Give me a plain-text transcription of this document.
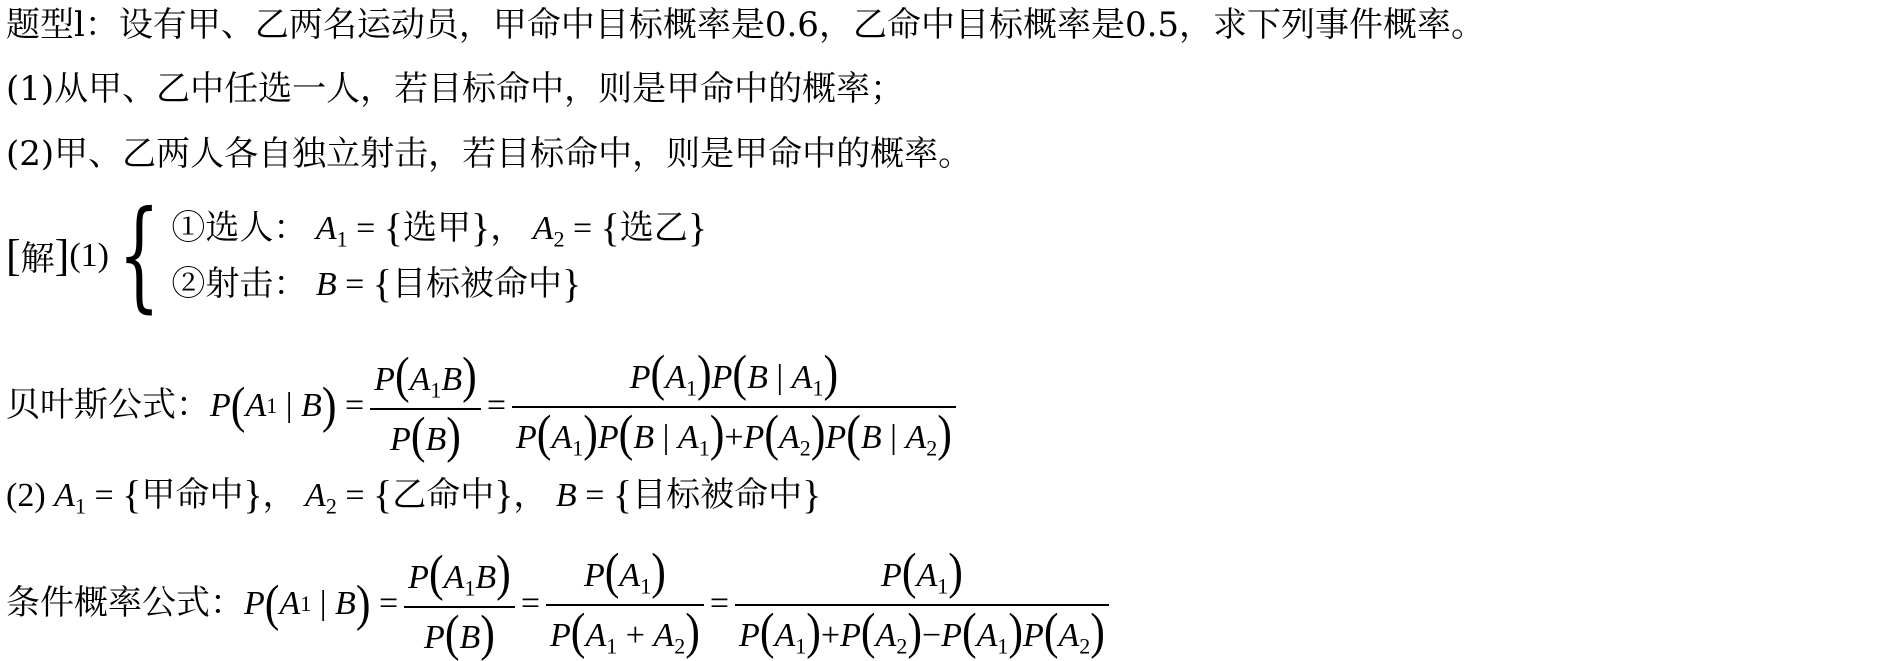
题型l：设有甲、乙两名运动员，甲命中目标概率是0.6，乙命中目标概率是0.5，求下列事件概率。
(1)从甲、乙中任选一人，若目标命中，则是甲命中的概率；
(2)甲、乙两人各自独立射击，若目标命中，则是甲命中的概率。
[解] (1) { ①选人： $A_1$ = {选甲}， $A_2$ = {选乙}
②射击： B = {目标被命中}
贝叶斯公式： P ( A 1 | B ) = $\frac{P(A_1B)}{P(B)} = \frac{P(A_1)P(B | A_1)}{P(A_1)P(B | A_1)+P(A_2)P(B | A_2)}$
(2) $A_1$ = {甲命中}， $A_2$ = {乙命中}， B = {目标被命中}
条件概率公式： P ( A 1 | B ) = $\frac{P(A_1B)}{P(B)} = \frac{P(A_1)}{P(A_1 + A_2)} = \frac{P(A_1)}{P(A_1)+P(A_2)-P(A_1)P(A_2)}$
